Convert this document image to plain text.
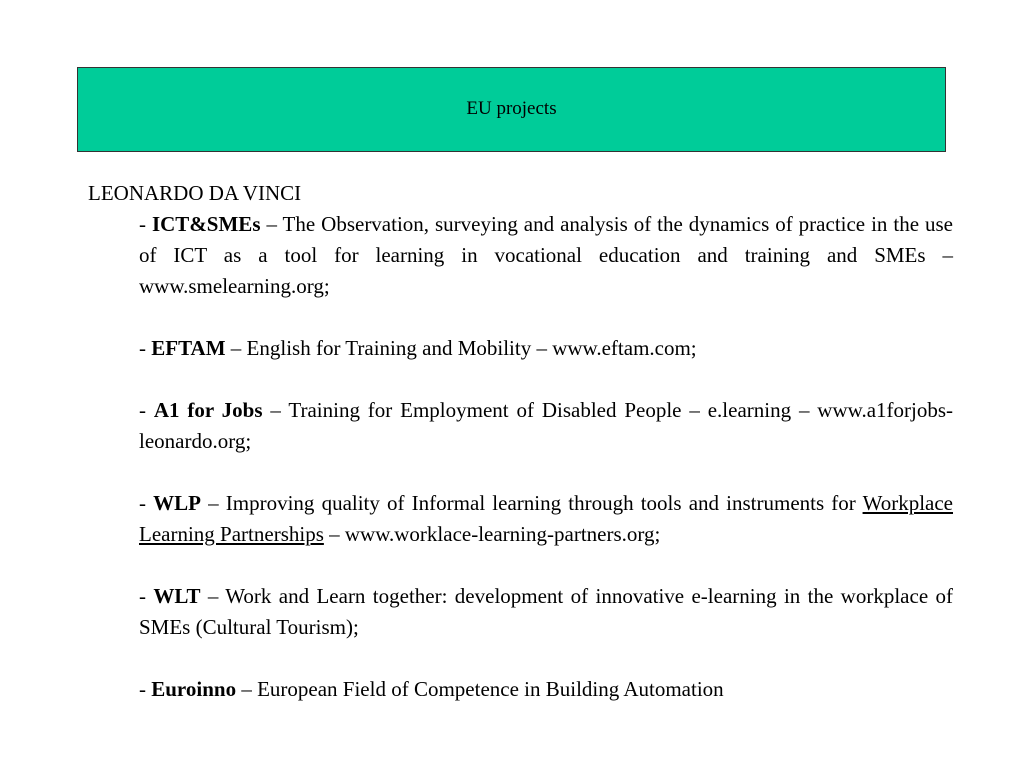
EU projects
LEONARDO DA VINCI

- ICT&SMEs – The Observation, surveying and analysis of the dynamics of practice in the use of ICT as a tool for learning in vocational education and training and SMEs – www.smelearning.org;

- EFTAM – English for Training and Mobility – www.eftam.com;

- A1 for Jobs – Training for Employment of Disabled People – e.learning – www.a1forjobs-leonardo.org;

- WLP – Improving quality of Informal learning through tools and instruments for Workplace Learning Partnerships – www.worklace-learning-partners.org;

- WLT – Work and Learn together: development of innovative e-learning in the workplace of SMEs (Cultural Tourism);

- Euroinno – European Field of Competence in Building Automation
